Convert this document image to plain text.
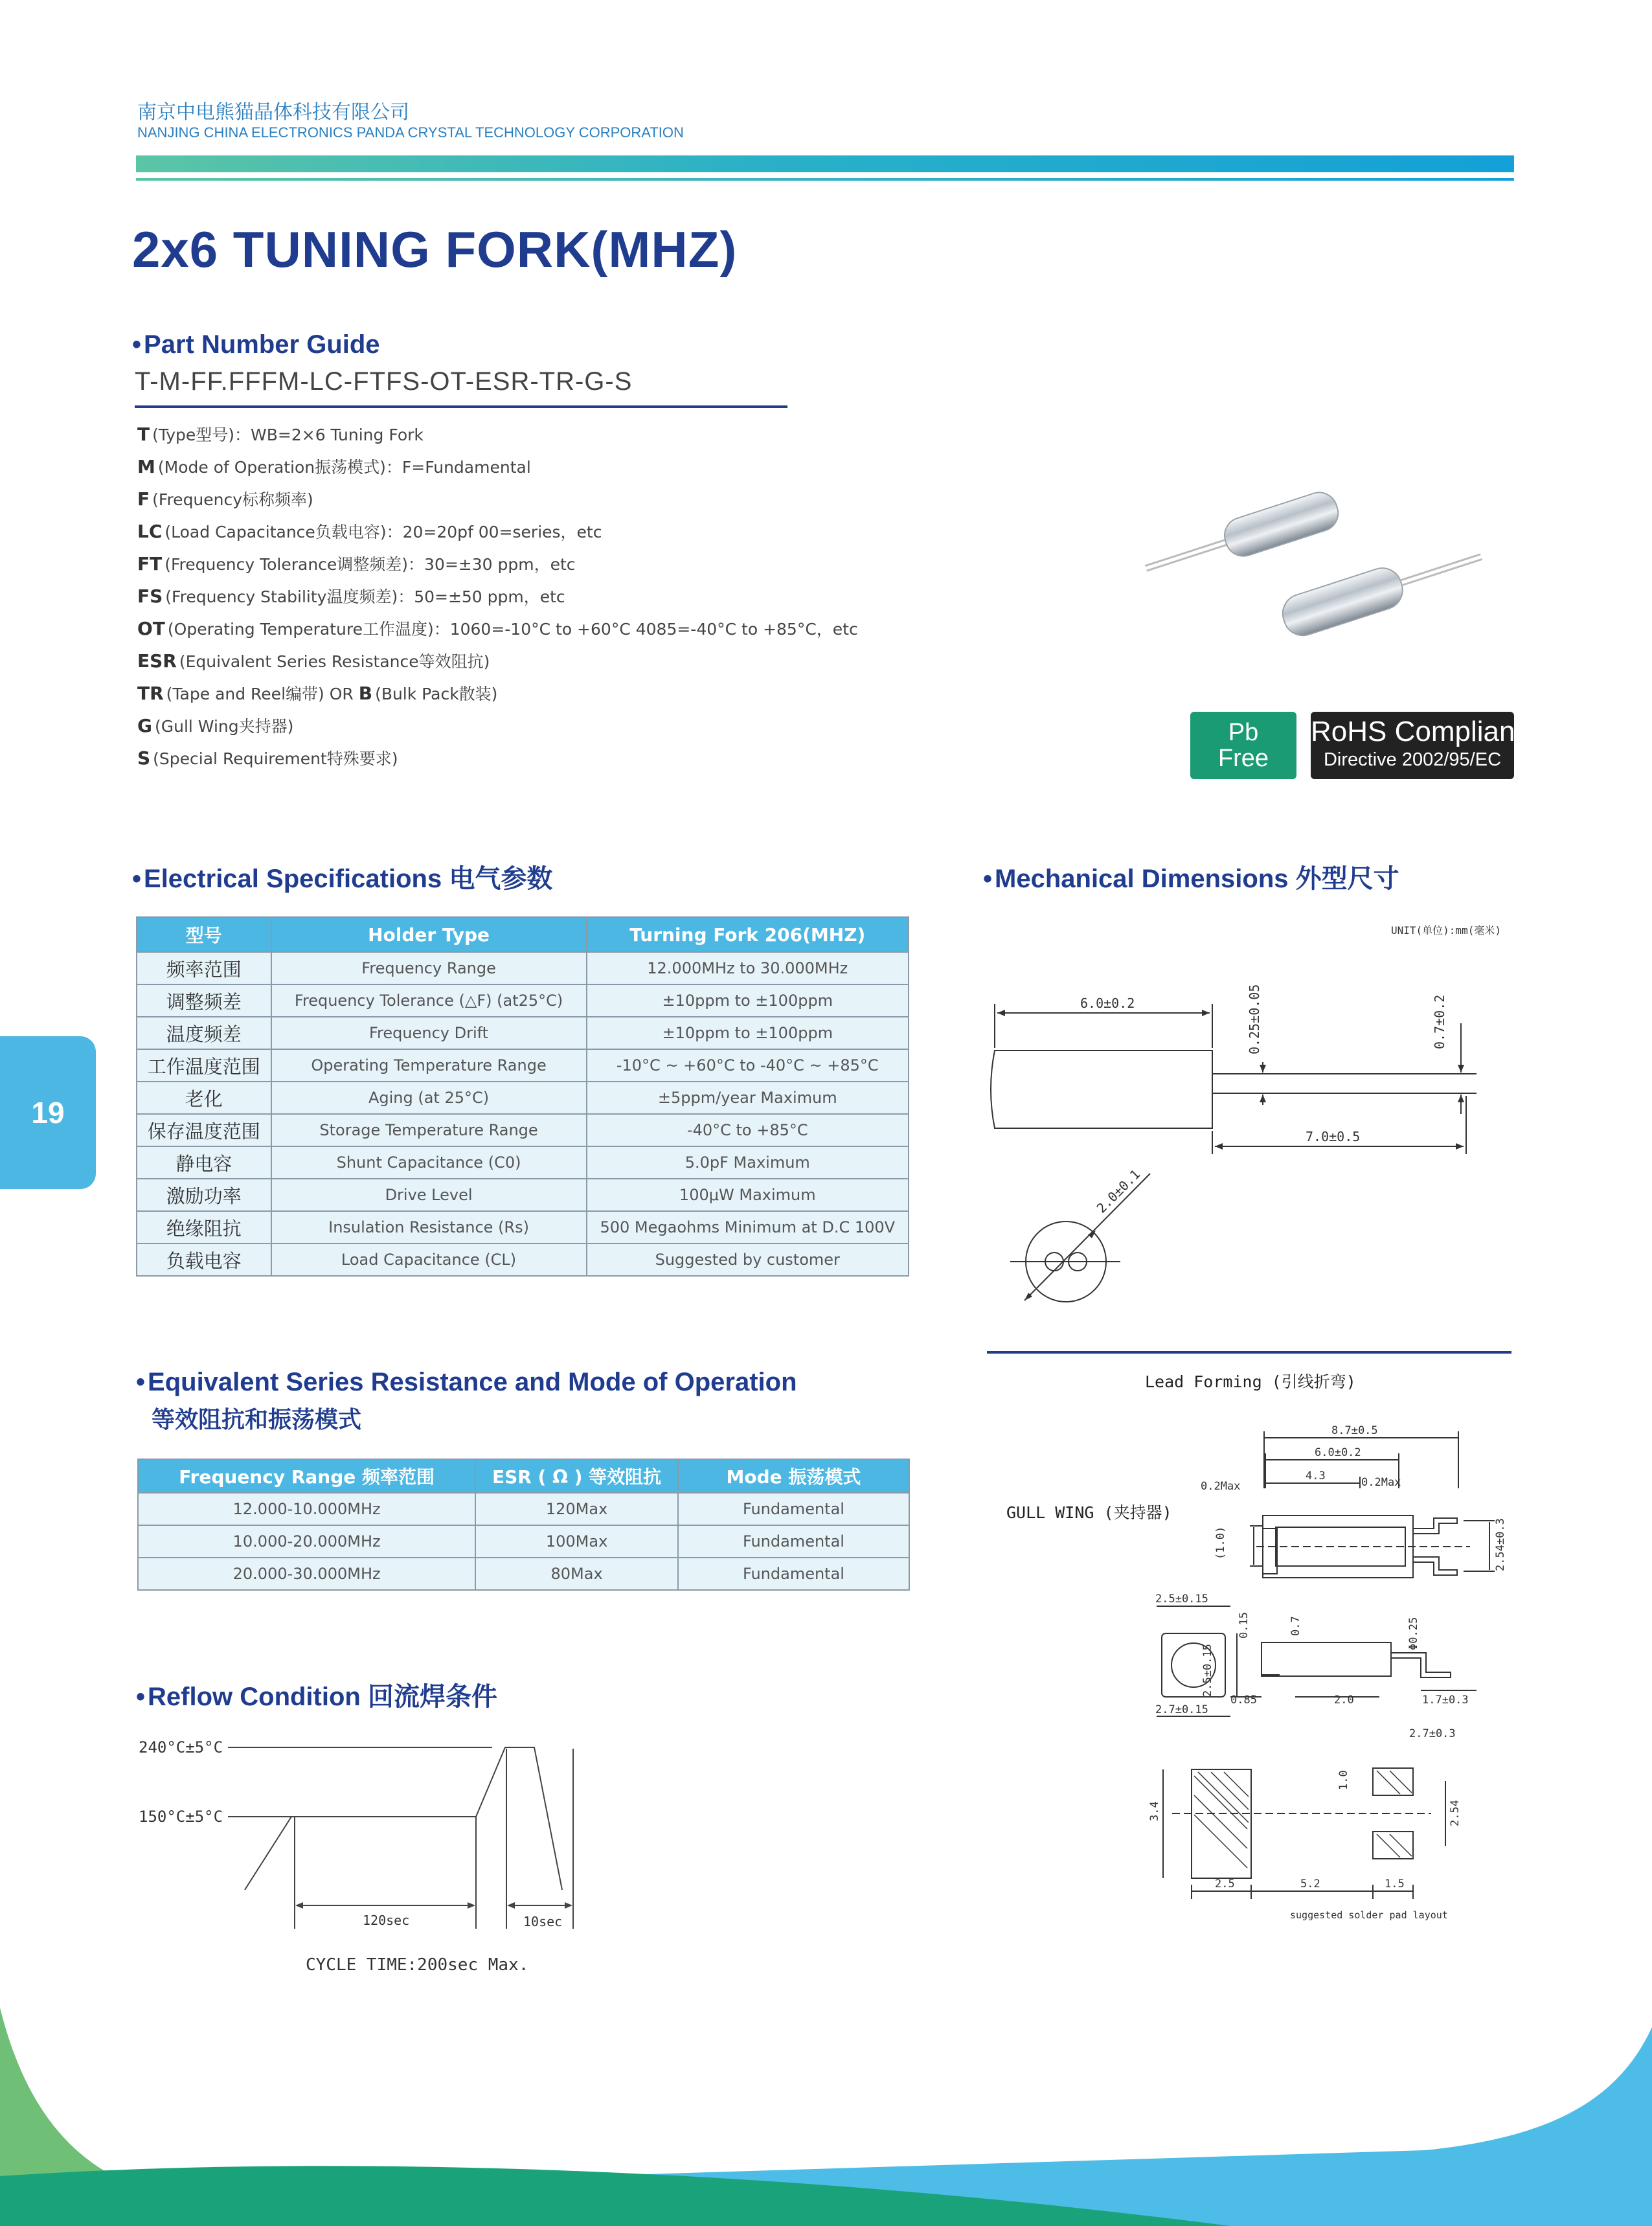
南京中电熊猫晶体科技有限公司
NANJING CHINA ELECTRONICS PANDA CRYSTAL TECHNOLOGY CORPORATION
2x6 TUNING FORK(MHZ)
• Part Number Guide
T-M-FF.FFFM-LC-FTFS-OT-ESR-TR-G-S
T (Type型号)：WB=2×6 Tuning Fork
M (Mode of Operation振荡模式)：F=Fundamental
F (Frequency标称频率)
LC (Load Capacitance负载电容)：20=20pf 00=series，etc
FT (Frequency Tolerance调整频差)：30=±30 ppm，etc
FS (Frequency Stability温度频差)：50=±50 ppm，etc
OT (Operating Temperature工作温度)：1060=-10°C to +60°C 4085=-40°C to +85°C，etc
ESR (Equivalent Series Resistance等效阻抗)
TR (Tape and Reel编带) OR B (Bulk Pack散装)
G (Gull Wing夹持器)
S (Special Requirement特殊要求)
Pb
Free
RoHS Compliant
Directive 2002/95/EC
19
• Electrical Specifications 电气参数
型号	Holder Type	Turning Fork 206(MHZ)
频率范围	Frequency Range	12.000MHz to 30.000MHz
调整频差	Frequency Tolerance (△F) (at25°C)	±10ppm to ±100ppm
温度频差	Frequency Drift	±10ppm to ±100ppm
工作温度范围	Operating Temperature Range	-10°C ~ +60°C to -40°C ~ +85°C
老化	Aging (at 25°C)	±5ppm/year Maximum
保存温度范围	Storage Temperature Range	-40°C to +85°C
静电容	Shunt Capacitance (C0)	5.0pF Maximum
激励功率	Drive Level	100μW Maximum
绝缘阻抗	Insulation Resistance (Rs)	500 Megaohms Minimum at D.C 100V
负载电容	Load Capacitance (CL)	Suggested by customer
• Equivalent Series Resistance and Mode of Operation
等效阻抗和振荡模式
Frequency Range 频率范围	ESR ( Ω ) 等效阻抗	Mode 振荡模式
12.000-10.000MHz	120Max	Fundamental
10.000-20.000MHz	100Max	Fundamental
20.000-30.000MHz	80Max	Fundamental
• Reflow Condition 回流焊条件
240°C±5°C
150°C±5°C
120sec	10sec
CYCLE TIME:200sec Max.
• Mechanical Dimensions 外型尺寸
UNIT(单位):mm(毫米)
6.0±0.2	0.25±0.05	0.7±0.2
7.0±0.5
2.0±0.1
Lead Forming (引线折弯)
GULL WING (夹持器)
8.7±0.5
6.0±0.2
4.3
0.2Max	0.2Max
(1.0)	2.54±0.3
2.5±0.15
2.5±0.15
2.7±0.15
0.15	0.7	Φ0.25
0.85	2.0	1.7±0.3
2.7±0.3
3.4
1.0
2.54
2.5	5.2	1.5
suggested solder pad layout
